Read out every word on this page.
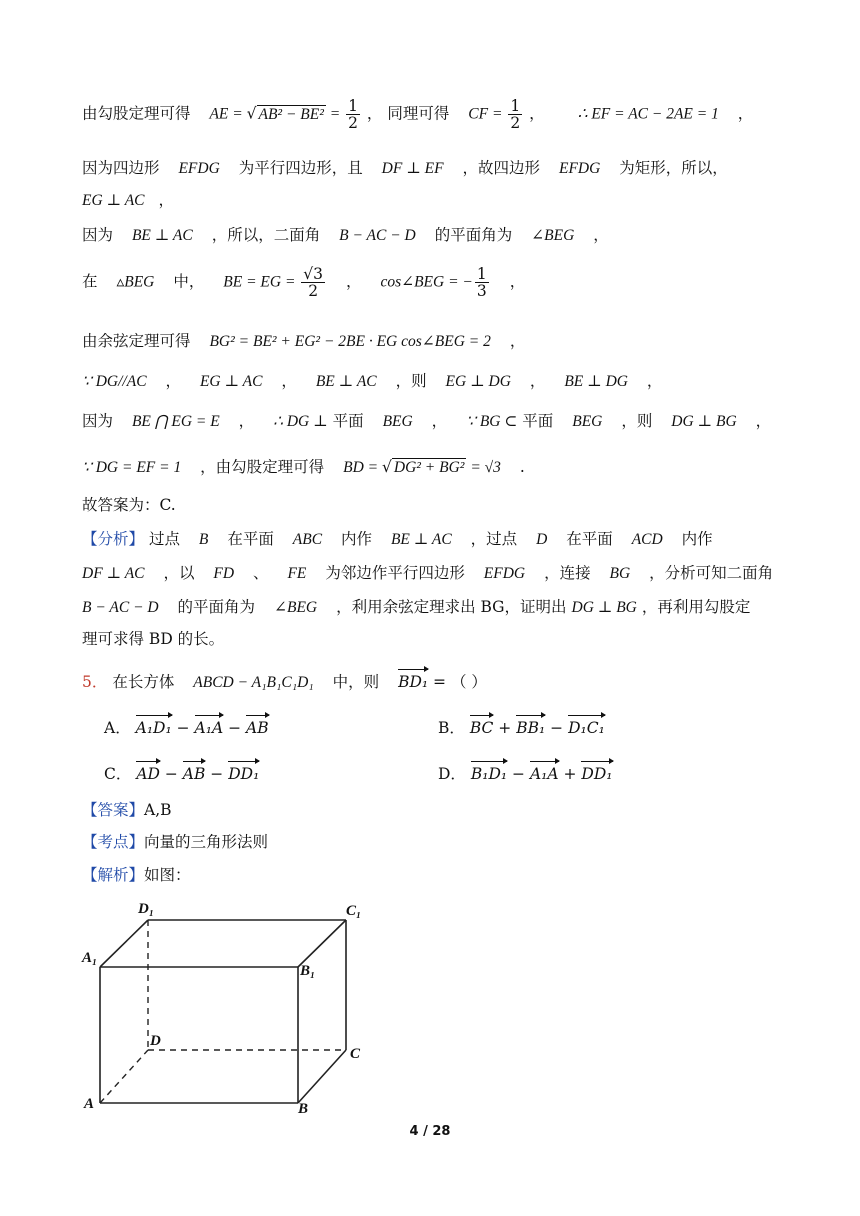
由勾股定理可得 AE = √ $AB^2 - BE^2 = \frac{1}{2}$ ， 同理可得 CF = $\frac{1}{2}$ ， ∴ EF = AC − 2AE = 1 ，
因为四边形 EFDG 为平行四边形，且 DF ⊥ EF ，故四边形 EFDG 为矩形，所以，
EG ⊥ AC ，
因为 BE ⊥ AC ，所以，二面角 B − AC − D 的平面角为 ∠BEG ，
在 ▵BEG 中， BE = EG = $\frac{√3}{2}$ ， cos∠BEG = − $\frac{1}{3}$ ，
由余弦定理可得 BG² = BE² + EG² − 2BE · EG cos∠BEG = 2 ，
∵ DG//AC ， EG ⊥ AC ， BE ⊥ AC ，则 EG ⊥ DG ， BE ⊥ DG ，
因为 BE ⋂ EG = E ， ∴ DG ⊥ 平面 BEG ， ∵ BG ⊂ 平面 BEG ，则 DG ⊥ BG ，
∵ DG = EF = 1 ，由勾股定理可得 BD = √ DG² + BG² = √3 .
故答案为：C.
【分析】 过点 B 在平面 ABC 内作 BE ⊥ AC ，过点 D 在平面 ACD 内作
DF ⊥ AC ，以 FD 、 FE 为邻边作平行四边形 EFDG ，连接 BG ，分析可知二面角
B − AC − D 的平面角为 ∠BEG ，利用余弦定理求出 BG，证明出 DG ⊥ BG ，再利用勾股定
理可求得 BD 的长。
5． 在长方体 ABCD − A₁B₁C₁D₁ 中，则 BD₁ = （ ）
A． A₁D₁ − A₁A − AB	B． BC + BB₁ − D₁C₁
C． AD − AB − DD₁	D． B₁D₁ − A₁A + DD₁
【答案】A,B
【考点】向量的三角形法则
【解析】如图：
D₁	C₁
A₁
B₁
D
C
A	B
4 / 28
